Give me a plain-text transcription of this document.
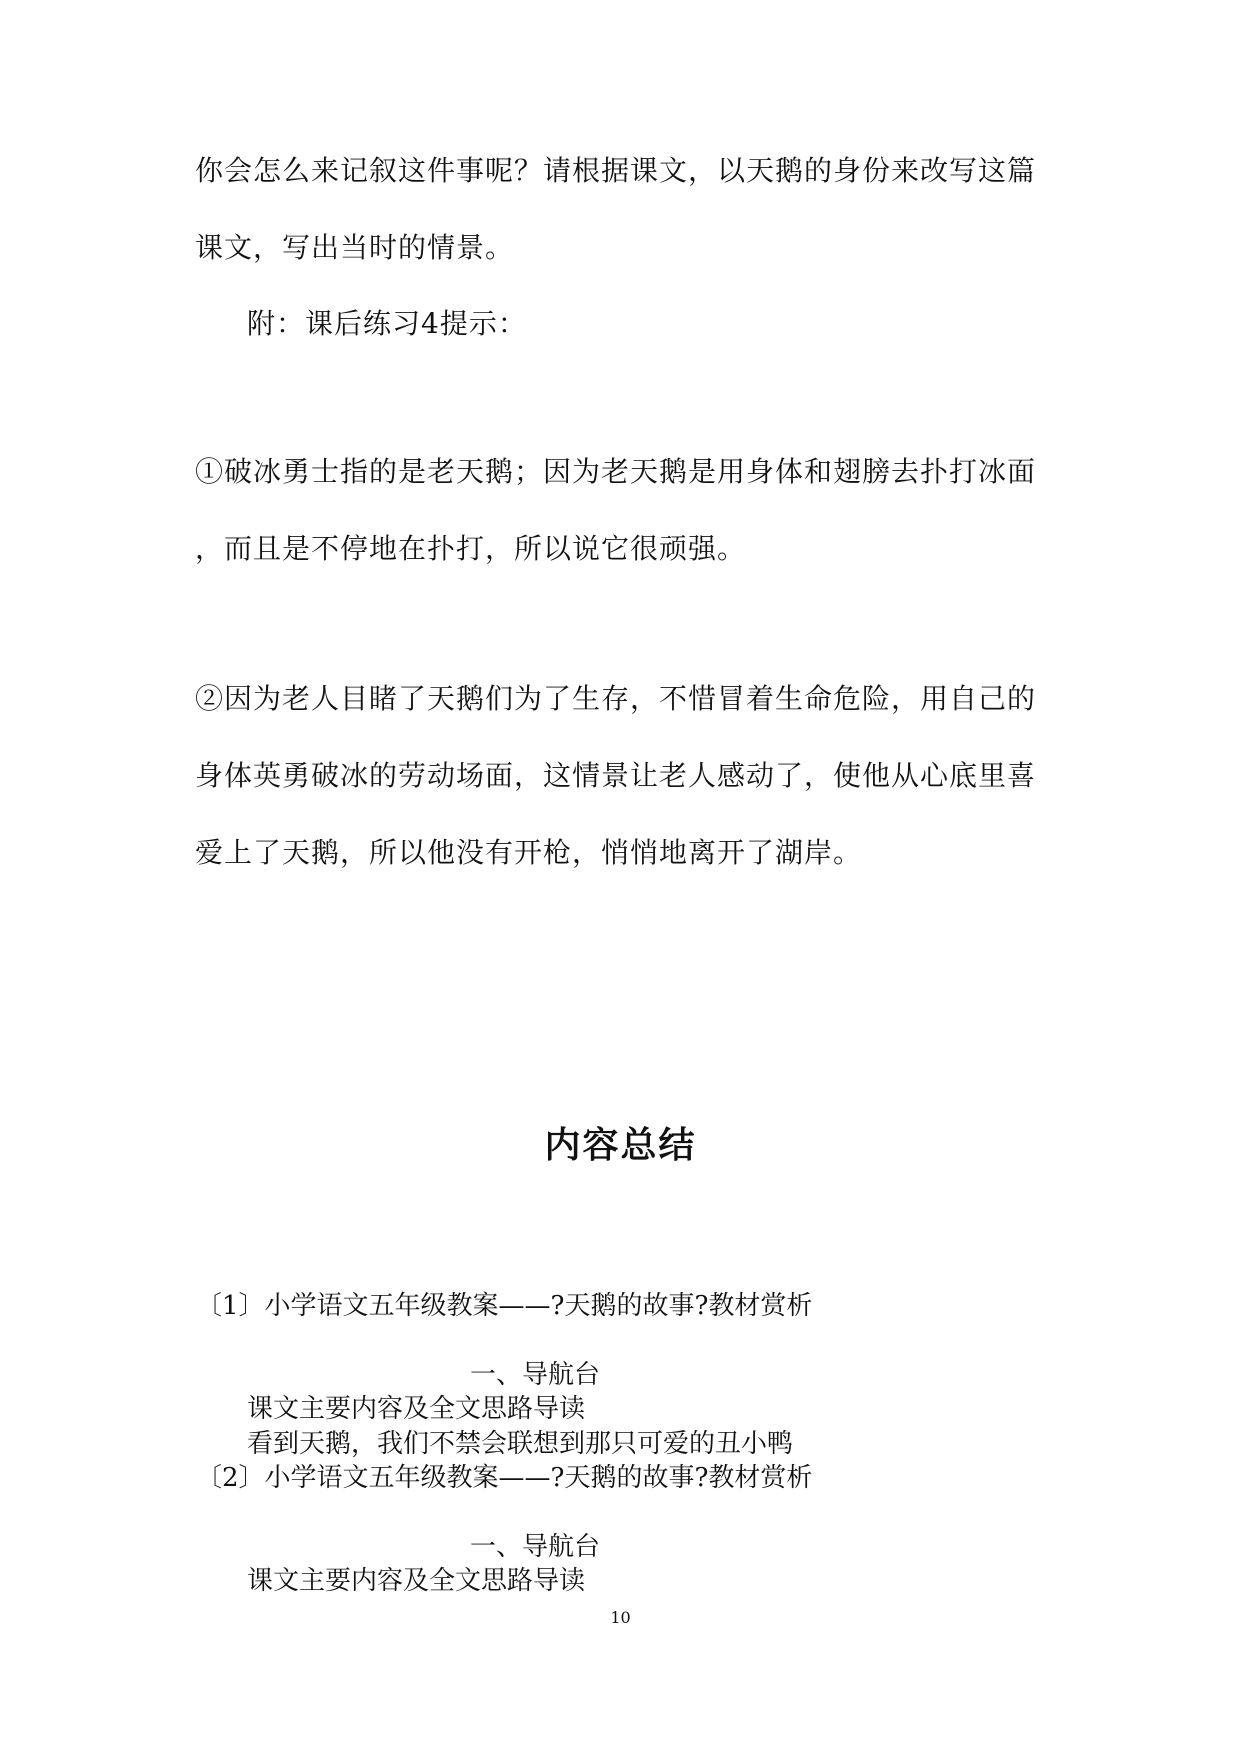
你会怎么来记叙这件事呢？请根据课文，以天鹅的身份来改写这篇
课文，写出当时的情景。
附：课后练习4提示：
①破冰勇士指的是老天鹅；因为老天鹅是用身体和翅膀去扑打冰面
，而且是不停地在扑打，所以说它很顽强。
②因为老人目睹了天鹅们为了生存，不惜冒着生命危险，用自己的
身体英勇破冰的劳动场面，这情景让老人感动了，使他从心底里喜
爱上了天鹅，所以他没有开枪，悄悄地离开了湖岸。
内容总结
〔1〕小学语文五年级教案——?天鹅的故事?教材赏析
一、导航台
课文主要内容及全文思路导读
看到天鹅，我们不禁会联想到那只可爱的丑小鸭
〔2〕小学语文五年级教案——?天鹅的故事?教材赏析
一、导航台
课文主要内容及全文思路导读
10
